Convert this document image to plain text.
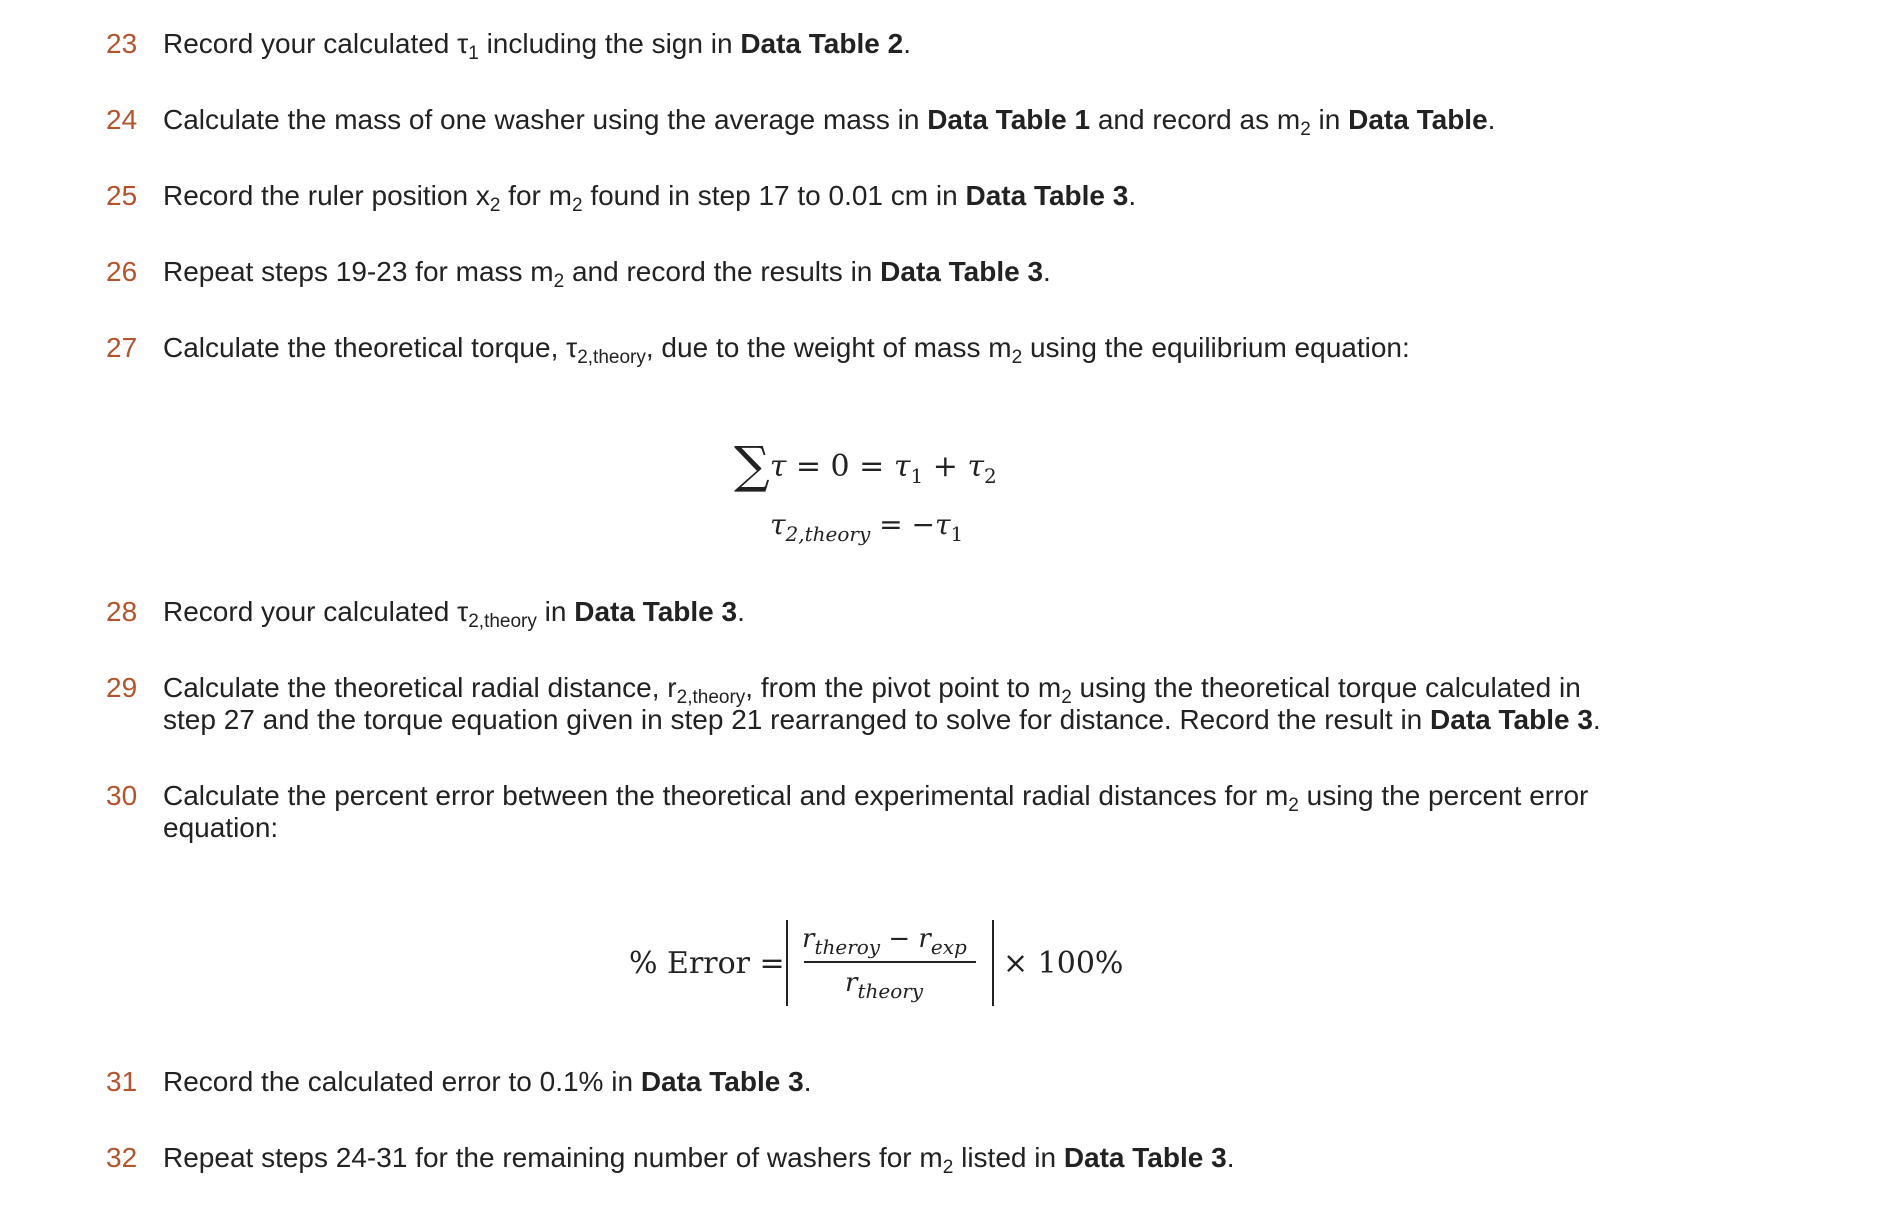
23 Record your calculated $\tau_1$ including the sign in Data Table 2.
24 Calculate the mass of one washer using the average mass in Data Table 1 and record as $m_2$ in Data Table.
25 Record the ruler position $x_2$ for $m_2$ found in step 17 to 0.01 cm in Data Table 3.
26 Repeat steps 19-23 for mass $m_2$ and record the results in Data Table 3.
27 Calculate the theoretical torque, $\tau_{2,theory}$, due to the weight of mass $m_2$ using the equilibrium equation:
$\sum\tau = 0 = \tau_1 + \tau_2$
$\tau_{2,theory} = -\tau_1$
28 Record your calculated $\tau_{2,theory}$ in Data Table 3.
29 Calculate the theoretical radial distance, $r_{2,theory}$, from the pivot point to $m_2$ using the theoretical torque calculated in
step 27 and the torque equation given in step 21 rearranged to solve for distance. Record the result in Data Table 3.
30 Calculate the percent error between the theoretical and experimental radial distances for $m_2$ using the percent error
equation:
% Error =
$r_{theroy} - r_{exp}$
$r_{theory}$
× 100%
31 Record the calculated error to 0.1% in Data Table 3.
32 Repeat steps 24-31 for the remaining number of washers for $m_2$ listed in Data Table 3.
